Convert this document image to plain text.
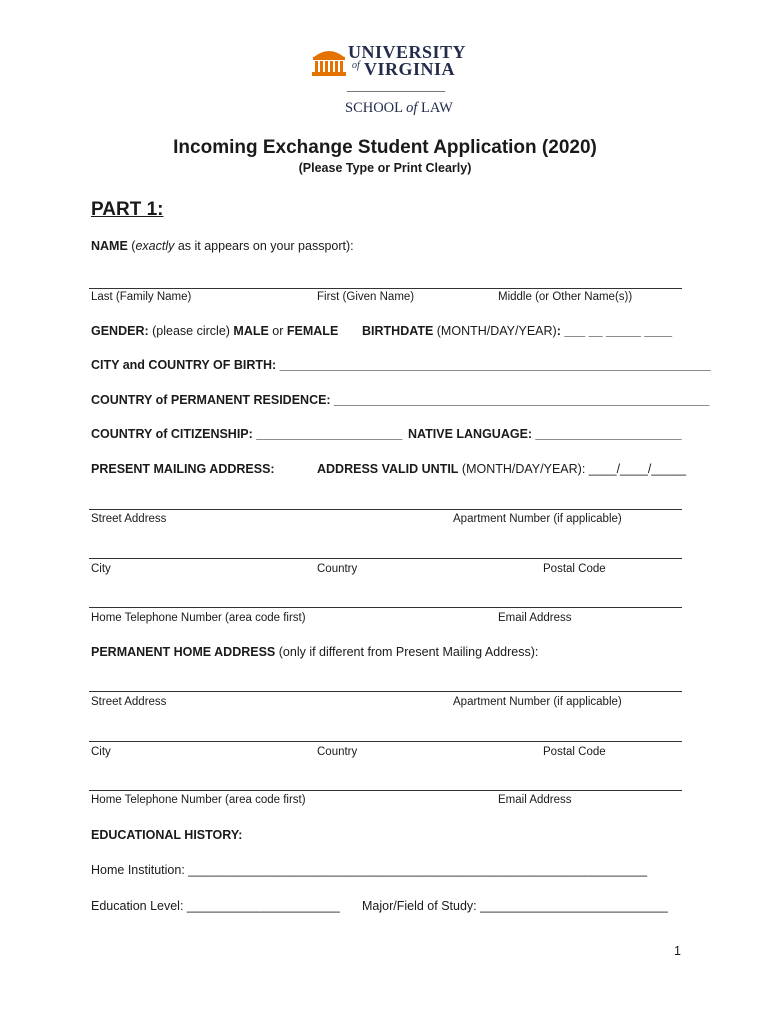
UNIVERSITY
of VIRGINIA
SCHOOL of LAW
Incoming Exchange Student Application (2020)
(Please Type or Print Clearly)
PART 1:
NAME (exactly as it appears on your passport):
Last (Family Name)	First (Given Name)	Middle (or Other Name(s))
GENDER: (please circle) MALE or FEMALE BIRTHDATE (MONTH/DAY/YEAR): ___ __ _____ ____
CITY and COUNTRY OF BIRTH: ______________________________________________________________
COUNTRY of PERMANENT RESIDENCE: ______________________________________________________
COUNTRY of CITIZENSHIP: _____________________ NATIVE LANGUAGE: _____________________
PRESENT MAILING ADDRESS:	ADDRESS VALID UNTIL (MONTH/DAY/YEAR): ____/____/_____
Street Address	Apartment Number (if applicable)
City	Country	Postal Code
Home Telephone Number (area code first)	Email Address
PERMANENT HOME ADDRESS (only if different from Present Mailing Address):
Street Address	Apartment Number (if applicable)
City	Country	Postal Code
Home Telephone Number (area code first)	Email Address
EDUCATIONAL HISTORY:
Home Institution: __________________________________________________________________
Education Level: ______________________ Major/Field of Study: ___________________________
1
